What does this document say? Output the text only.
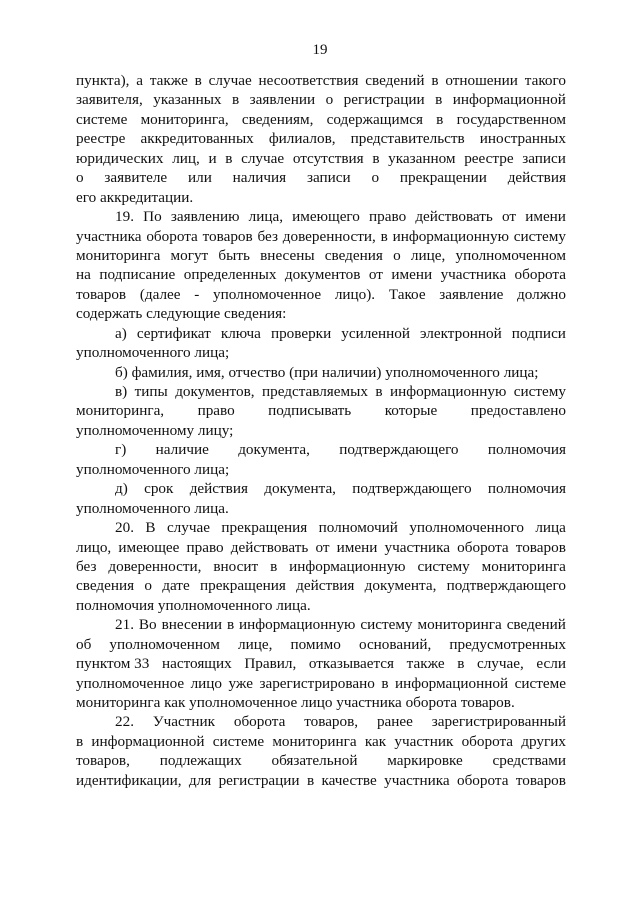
19
пункта), а также в случае несоответствия сведений в отношении такого
заявителя, указанных в заявлении о регистрации в информационной
системе мониторинга, сведениям, содержащимся в государственном
реестре аккредитованных филиалов, представительств иностранных
юридических лиц, и в случае отсутствия в указанном реестре записи
о заявителе или наличия записи о прекращении действия
его аккредитации.
19. По заявлению лица, имеющего право действовать от имени
участника оборота товаров без доверенности, в информационную систему
мониторинга могут быть внесены сведения о лице, уполномоченном
на подписание определенных документов от имени участника оборота
товаров (далее - уполномоченное лицо). Такое заявление должно
содержать следующие сведения:
а) сертификат ключа проверки усиленной электронной подписи
уполномоченного лица;
б) фамилия, имя, отчество (при наличии) уполномоченного лица;
в) типы документов, представляемых в информационную систему
мониторинга, право подписывать которые предоставлено
уполномоченному лицу;
г) наличие документа, подтверждающего полномочия
уполномоченного лица;
д) срок действия документа, подтверждающего полномочия
уполномоченного лица.
20. В случае прекращения полномочий уполномоченного лица
лицо, имеющее право действовать от имени участника оборота товаров
без доверенности, вносит в информационную систему мониторинга
сведения о дате прекращения действия документа, подтверждающего
полномочия уполномоченного лица.
21. Во внесении в информационную систему мониторинга сведений
об уполномоченном лице, помимо оснований, предусмотренных
пунктом 33 настоящих Правил, отказывается также в случае, если
уполномоченное лицо уже зарегистрировано в информационной системе
мониторинга как уполномоченное лицо участника оборота товаров.
22. Участник оборота товаров, ранее зарегистрированный
в информационной системе мониторинга как участник оборота других
товаров, подлежащих обязательной маркировке средствами
идентификации, для регистрации в качестве участника оборота товаров
